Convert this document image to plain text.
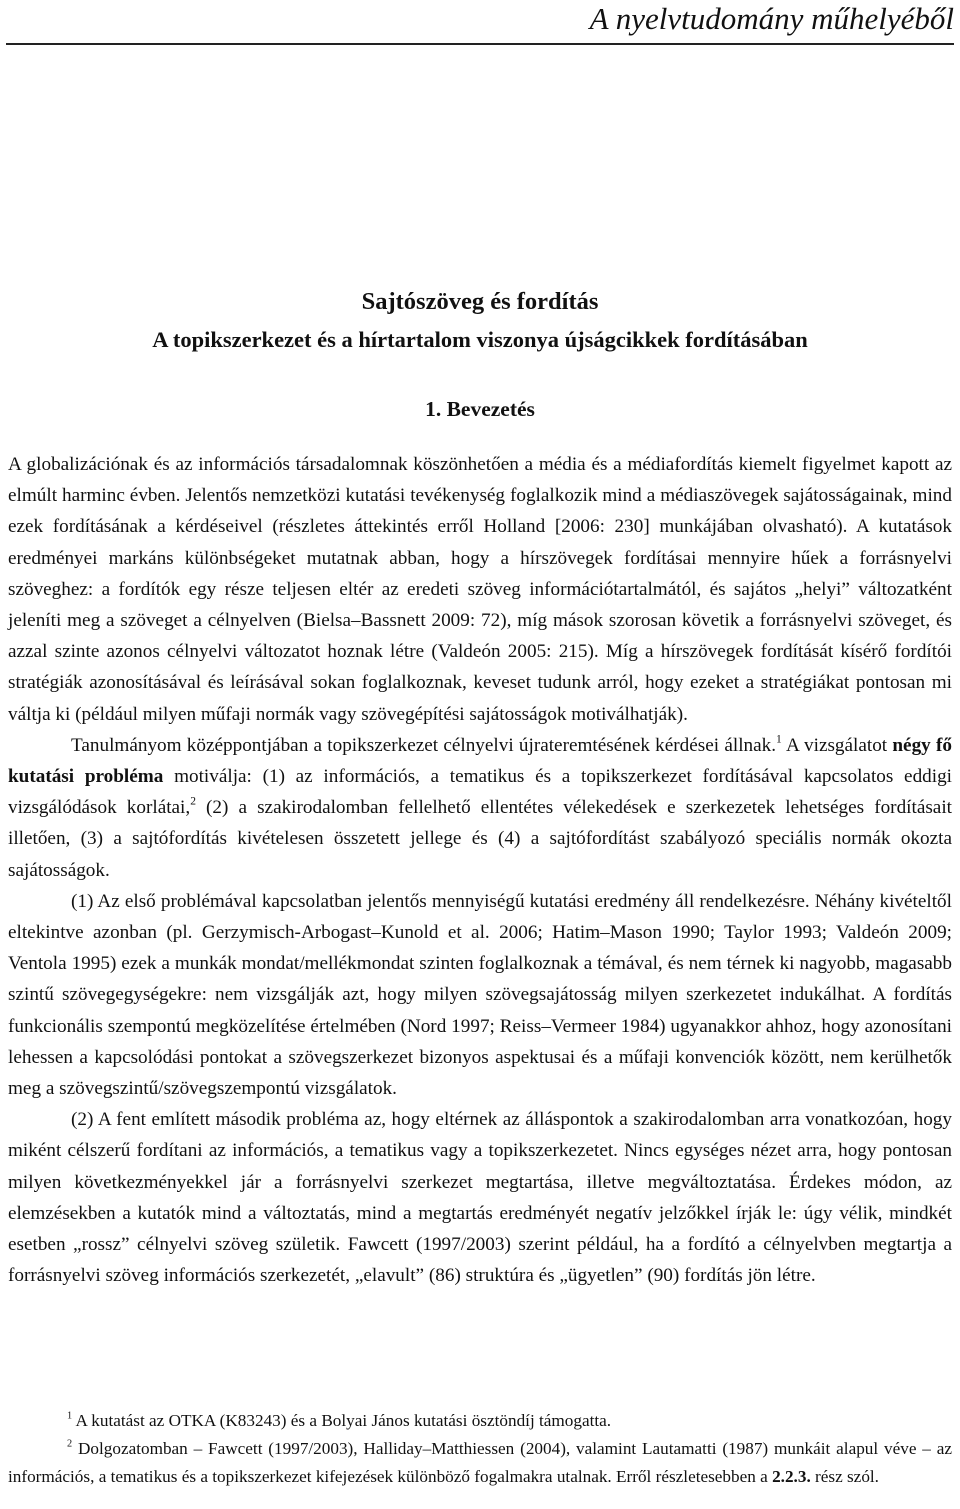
A nyelvtudomány műhelyéből
Sajtószöveg és fordítás
A topikszerkezet és a hírtartalom viszonya újságcikkek fordításában
1. Bevezetés

A globalizációnak és az információs társadalomnak köszönhetően a média és a médiafordítás kiemelt figyelmet kapott az elmúlt harminc évben. Jelentős nemzetközi kutatási tevékenység foglalkozik mind a médiaszövegek sajátosságainak, mind ezek fordításának a kérdéseivel (részletes áttekintés erről Holland [2006: 230] munkájában olvasható). A kutatások eredményei markáns különbségeket mutatnak abban, hogy a hírszövegek fordításai mennyire hűek a forrásnyelvi szöveghez: a fordítók egy része teljesen eltér az eredeti szöveg információtartalmától, és sajátos „helyi” változatként jeleníti meg a szöveget a célnyelven (Bielsa–Bassnett 2009: 72), míg mások szorosan követik a forrásnyelvi szöveget, és azzal szinte azonos célnyelvi változatot hoznak létre (Valdeón 2005: 215). Míg a hírszövegek fordítását kísérő fordítói stratégiák azonosításával és leírásával sokan foglalkoznak, keveset tudunk arról, hogy ezeket a stratégiákat pontosan mi váltja ki (például milyen műfaji normák vagy szövegépítési sajátosságok motiválhatják).

Tanulmányom középpontjában a topikszerkezet célnyelvi újrateremtésének kérdései állnak.$^1$ A vizsgálatot négy fő kutatási probléma motiválja: (1) az információs, a tematikus és a topikszerkezet fordításával kapcsolatos eddigi vizsgálódások korlátai,$^2$ (2) a szakirodalomban fellelhető ellentétes vélekedések e szerkezetek lehetséges fordításait illetően, (3) a sajtófordítás kivételesen összetett jellege és (4) a sajtófordítást szabályozó speciális normák okozta sajátosságok.

(1) Az első problémával kapcsolatban jelentős mennyiségű kutatási eredmény áll rendelkezésre. Néhány kivételtől eltekintve azonban (pl. Gerzymisch-Arbogast–Kunold et al. 2006; Hatim–Mason 1990; Taylor 1993; Valdeón 2009; Ventola 1995) ezek a munkák mondat/mellékmondat szinten foglalkoznak a témával, és nem térnek ki nagyobb, magasabb szintű szövegegységekre: nem vizsgálják azt, hogy milyen szövegsajátosság milyen szerkezetet indukálhat. A fordítás funkcionális szempontú megközelítése értelmében (Nord 1997; Reiss–Vermeer 1984) ugyanakkor ahhoz, hogy azonosítani lehessen a kapcsolódási pontokat a szövegszerkezet bizonyos aspektusai és a műfaji konvenciók között, nem kerülhetők meg a szövegszintű/szövegszempontú vizsgálatok.

(2) A fent említett második probléma az, hogy eltérnek az álláspontok a szakirodalomban arra vonatkozóan, hogy miként célszerű fordítani az információs, a tematikus vagy a topikszerkezetet. Nincs egységes nézet arra, hogy pontosan milyen következményekkel jár a forrásnyelvi szerkezet megtartása, illetve megváltoztatása. Érdekes módon, az elemzésekben a kutatók mind a változtatás, mind a megtartás eredményét negatív jelzőkkel írják le: úgy vélik, mindkét esetben „rossz” célnyelvi szöveg születik. Fawcett (1997/2003) szerint például, ha a fordító a célnyelvben megtartja a forrásnyelvi szöveg információs szerkezetét, „elavult” (86) struktúra és „ügyetlen” (90) fordítás jön létre.

$^1$ A kutatást az OTKA (K83243) és a Bolyai János kutatási ösztöndíj támogatta.

$^2$ Dolgozatomban – Fawcett (1997/2003), Halliday–Matthiessen (2004), valamint Lautamatti (1987) munkáit alapul véve – az információs, a tematikus és a topikszerkezet kifejezések különböző fogalmakra utalnak. Erről részletesebben a 2.2.3. rész szól.
